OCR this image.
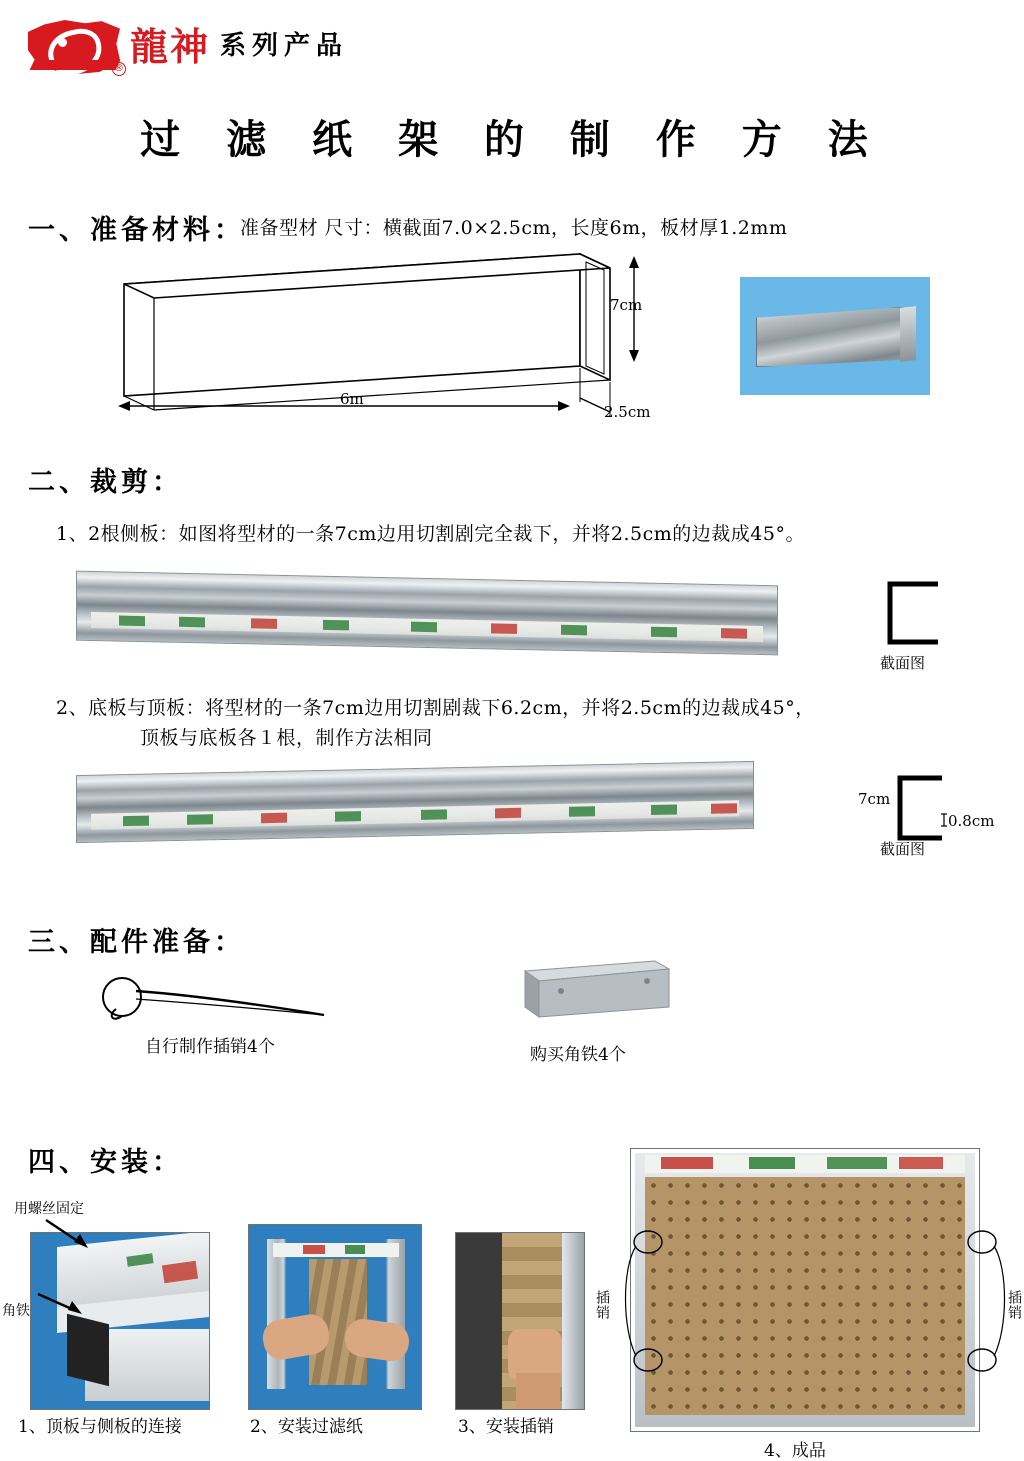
® 龍神 系列产品
过 滤 纸 架 的 制 作 方 法
一、准备材料：
准备型材 尺寸：横截面7.0×2.5cm，长度6m，板材厚1.2mm
7cm
6m
2.5cm
二、裁剪：
1、2根侧板：如图将型材的一条7cm边用切割剧完全裁下，并将2.5cm的边裁成45°。
截面图
2、底板与顶板：将型材的一条7cm边用切割剧裁下6.2cm，并将2.5cm的边裁成45°，
顶板与底板各１根，制作方法相同
7cm
0.8cm
截面图
三、配件准备：
自行制作插销4个	购买角铁4个
四、安装：
用螺丝固定
角铁
1、顶板与侧板的连接	2、安装过滤纸	3、安装插销
插销	插销
4、成品
